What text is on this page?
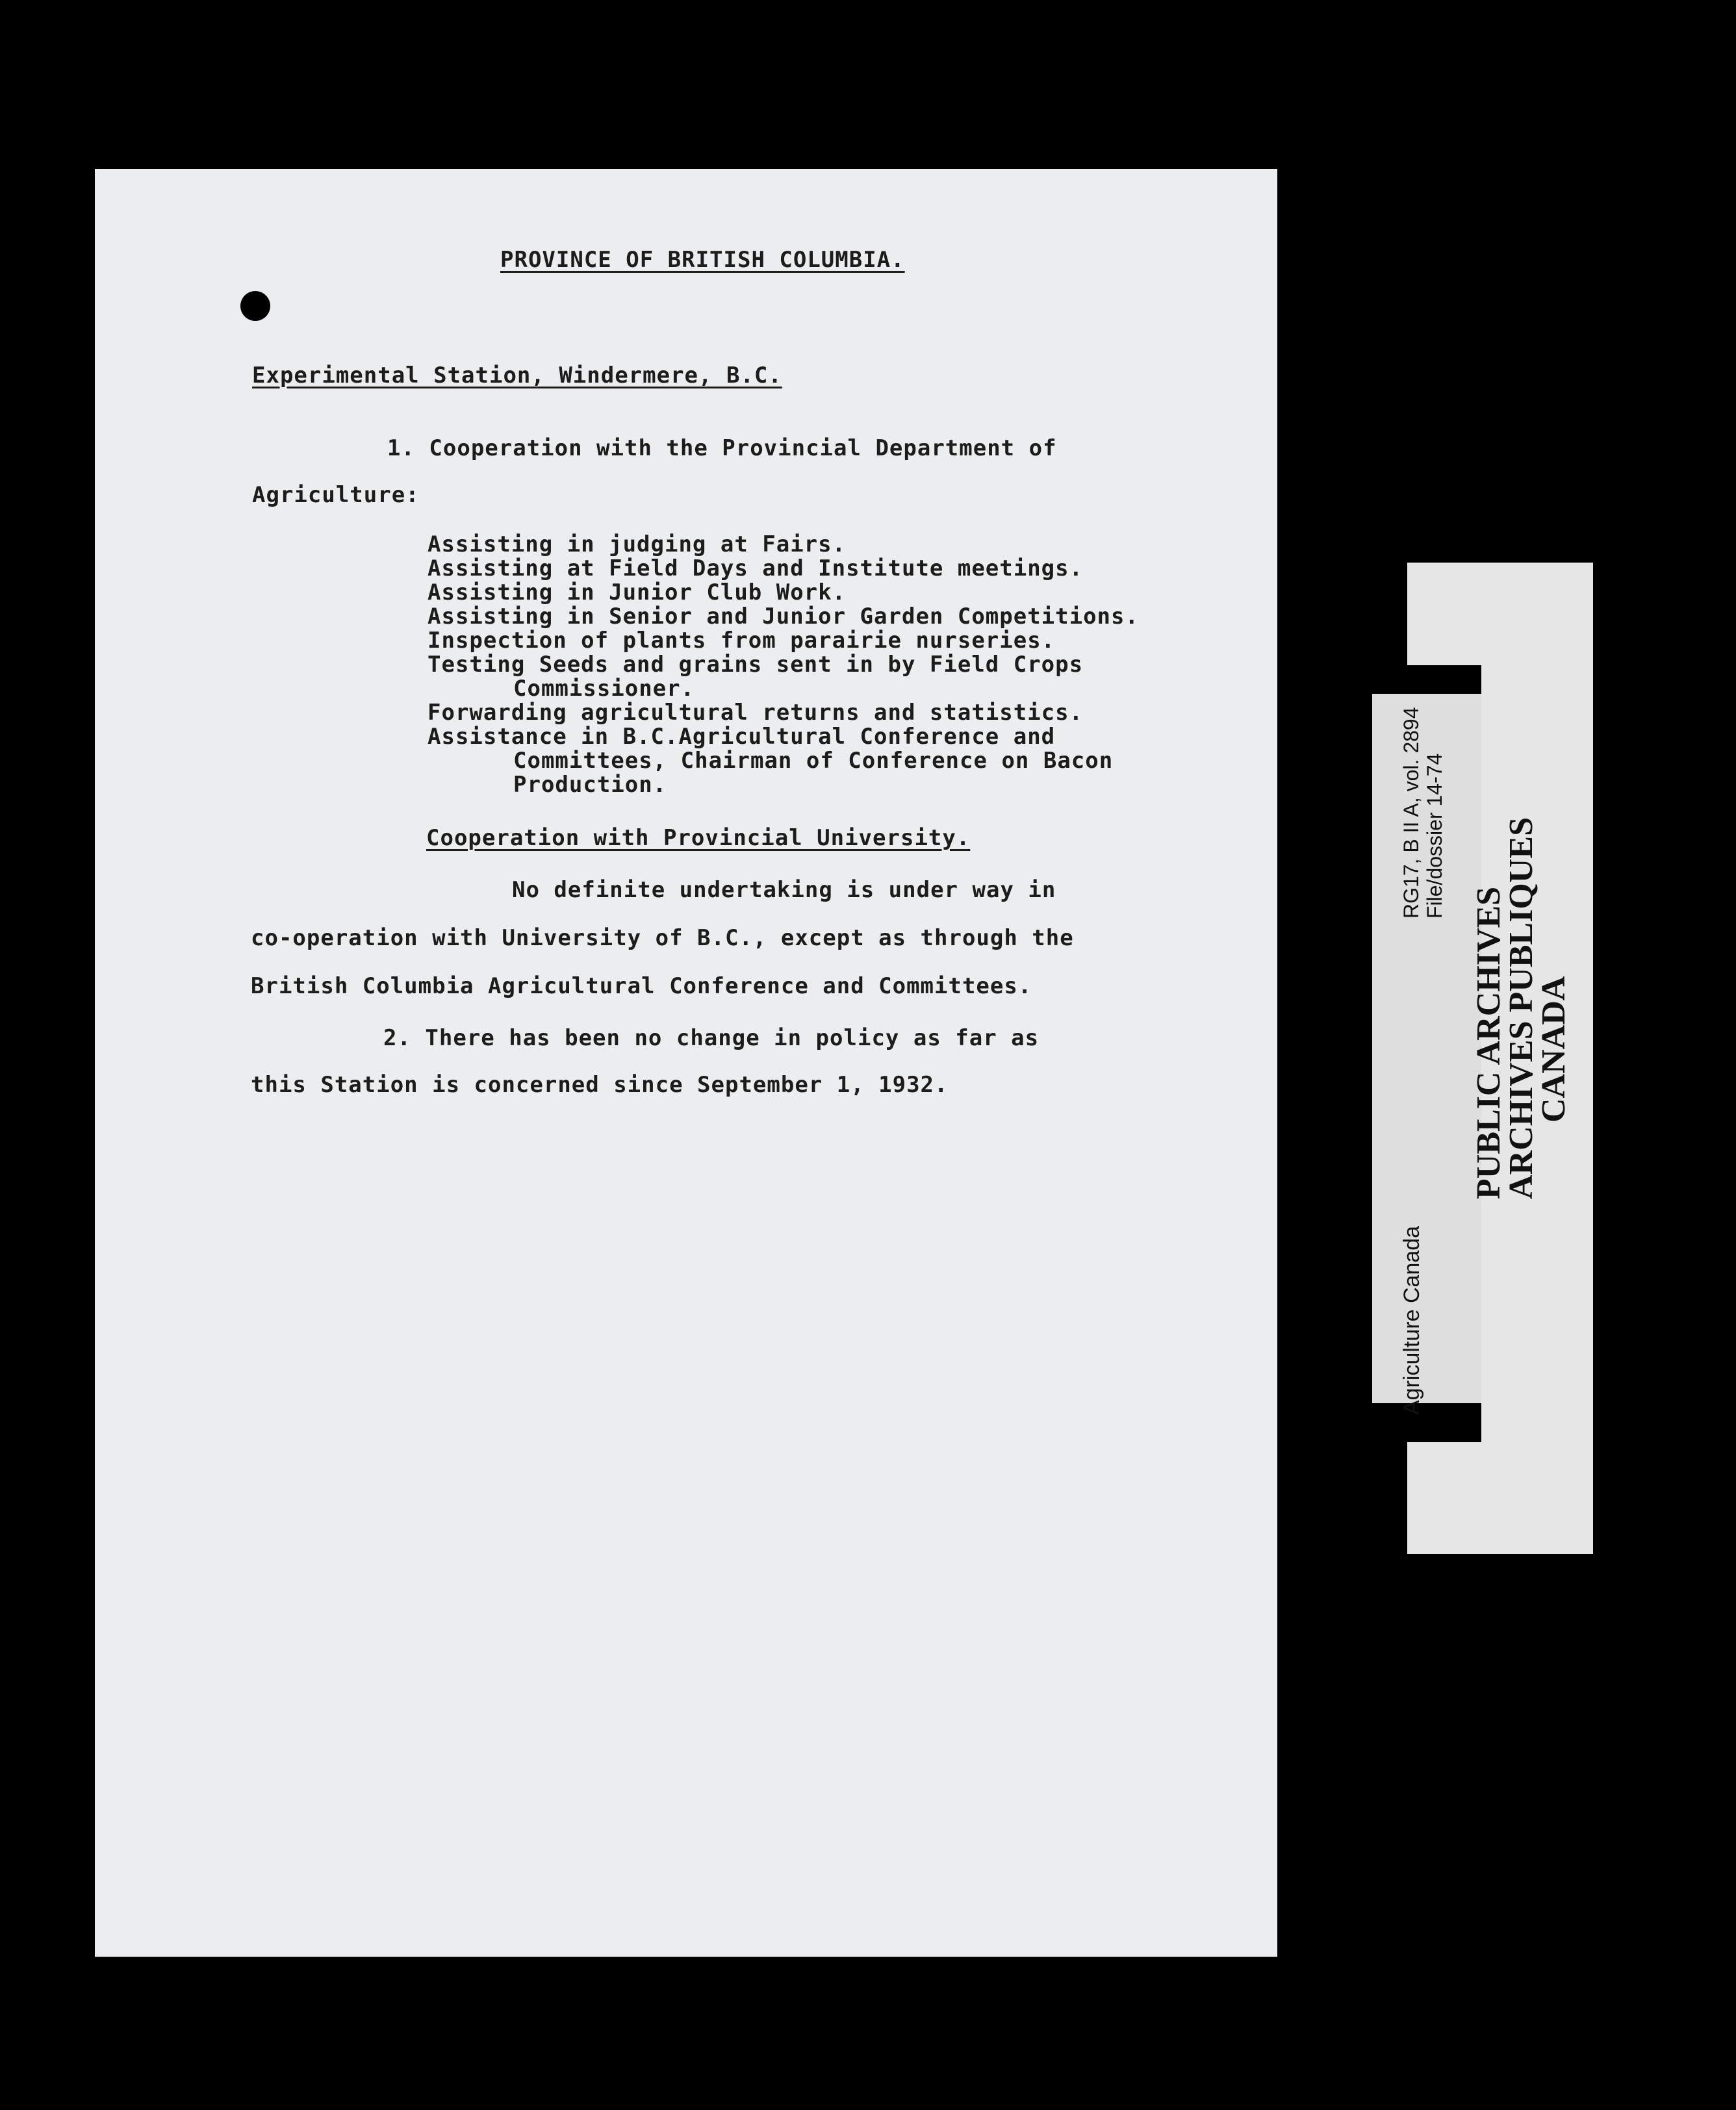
PROVINCE OF BRITISH COLUMBIA.
Experimental Station, Windermere, B.C.
1. Cooperation with the Provincial Department of
Agriculture:
Assisting in judging at Fairs.
Assisting at Field Days and Institute meetings.
Assisting in Junior Club Work.
Assisting in Senior and Junior Garden Competitions.
Inspection of plants from parairie nurseries.
Testing Seeds and grains sent in by Field Crops
Commissioner.
Forwarding agricultural returns and statistics.
Assistance in B.C.Agricultural Conference and
Committees, Chairman of Conference on Bacon
Production.
Cooperation with Provincial University.
No definite undertaking is under way in
co-operation with University of B.C., except as through the
British Columbia Agricultural Conference and Committees.
2. There has been no change in policy as far as
this Station is concerned since September 1, 1932.
Agriculture Canada
RG17, B II A, vol. 2894 File/dossier 14-74
PUBLIC ARCHIVES
ARCHIVES PUBLIQUES
CANADA
